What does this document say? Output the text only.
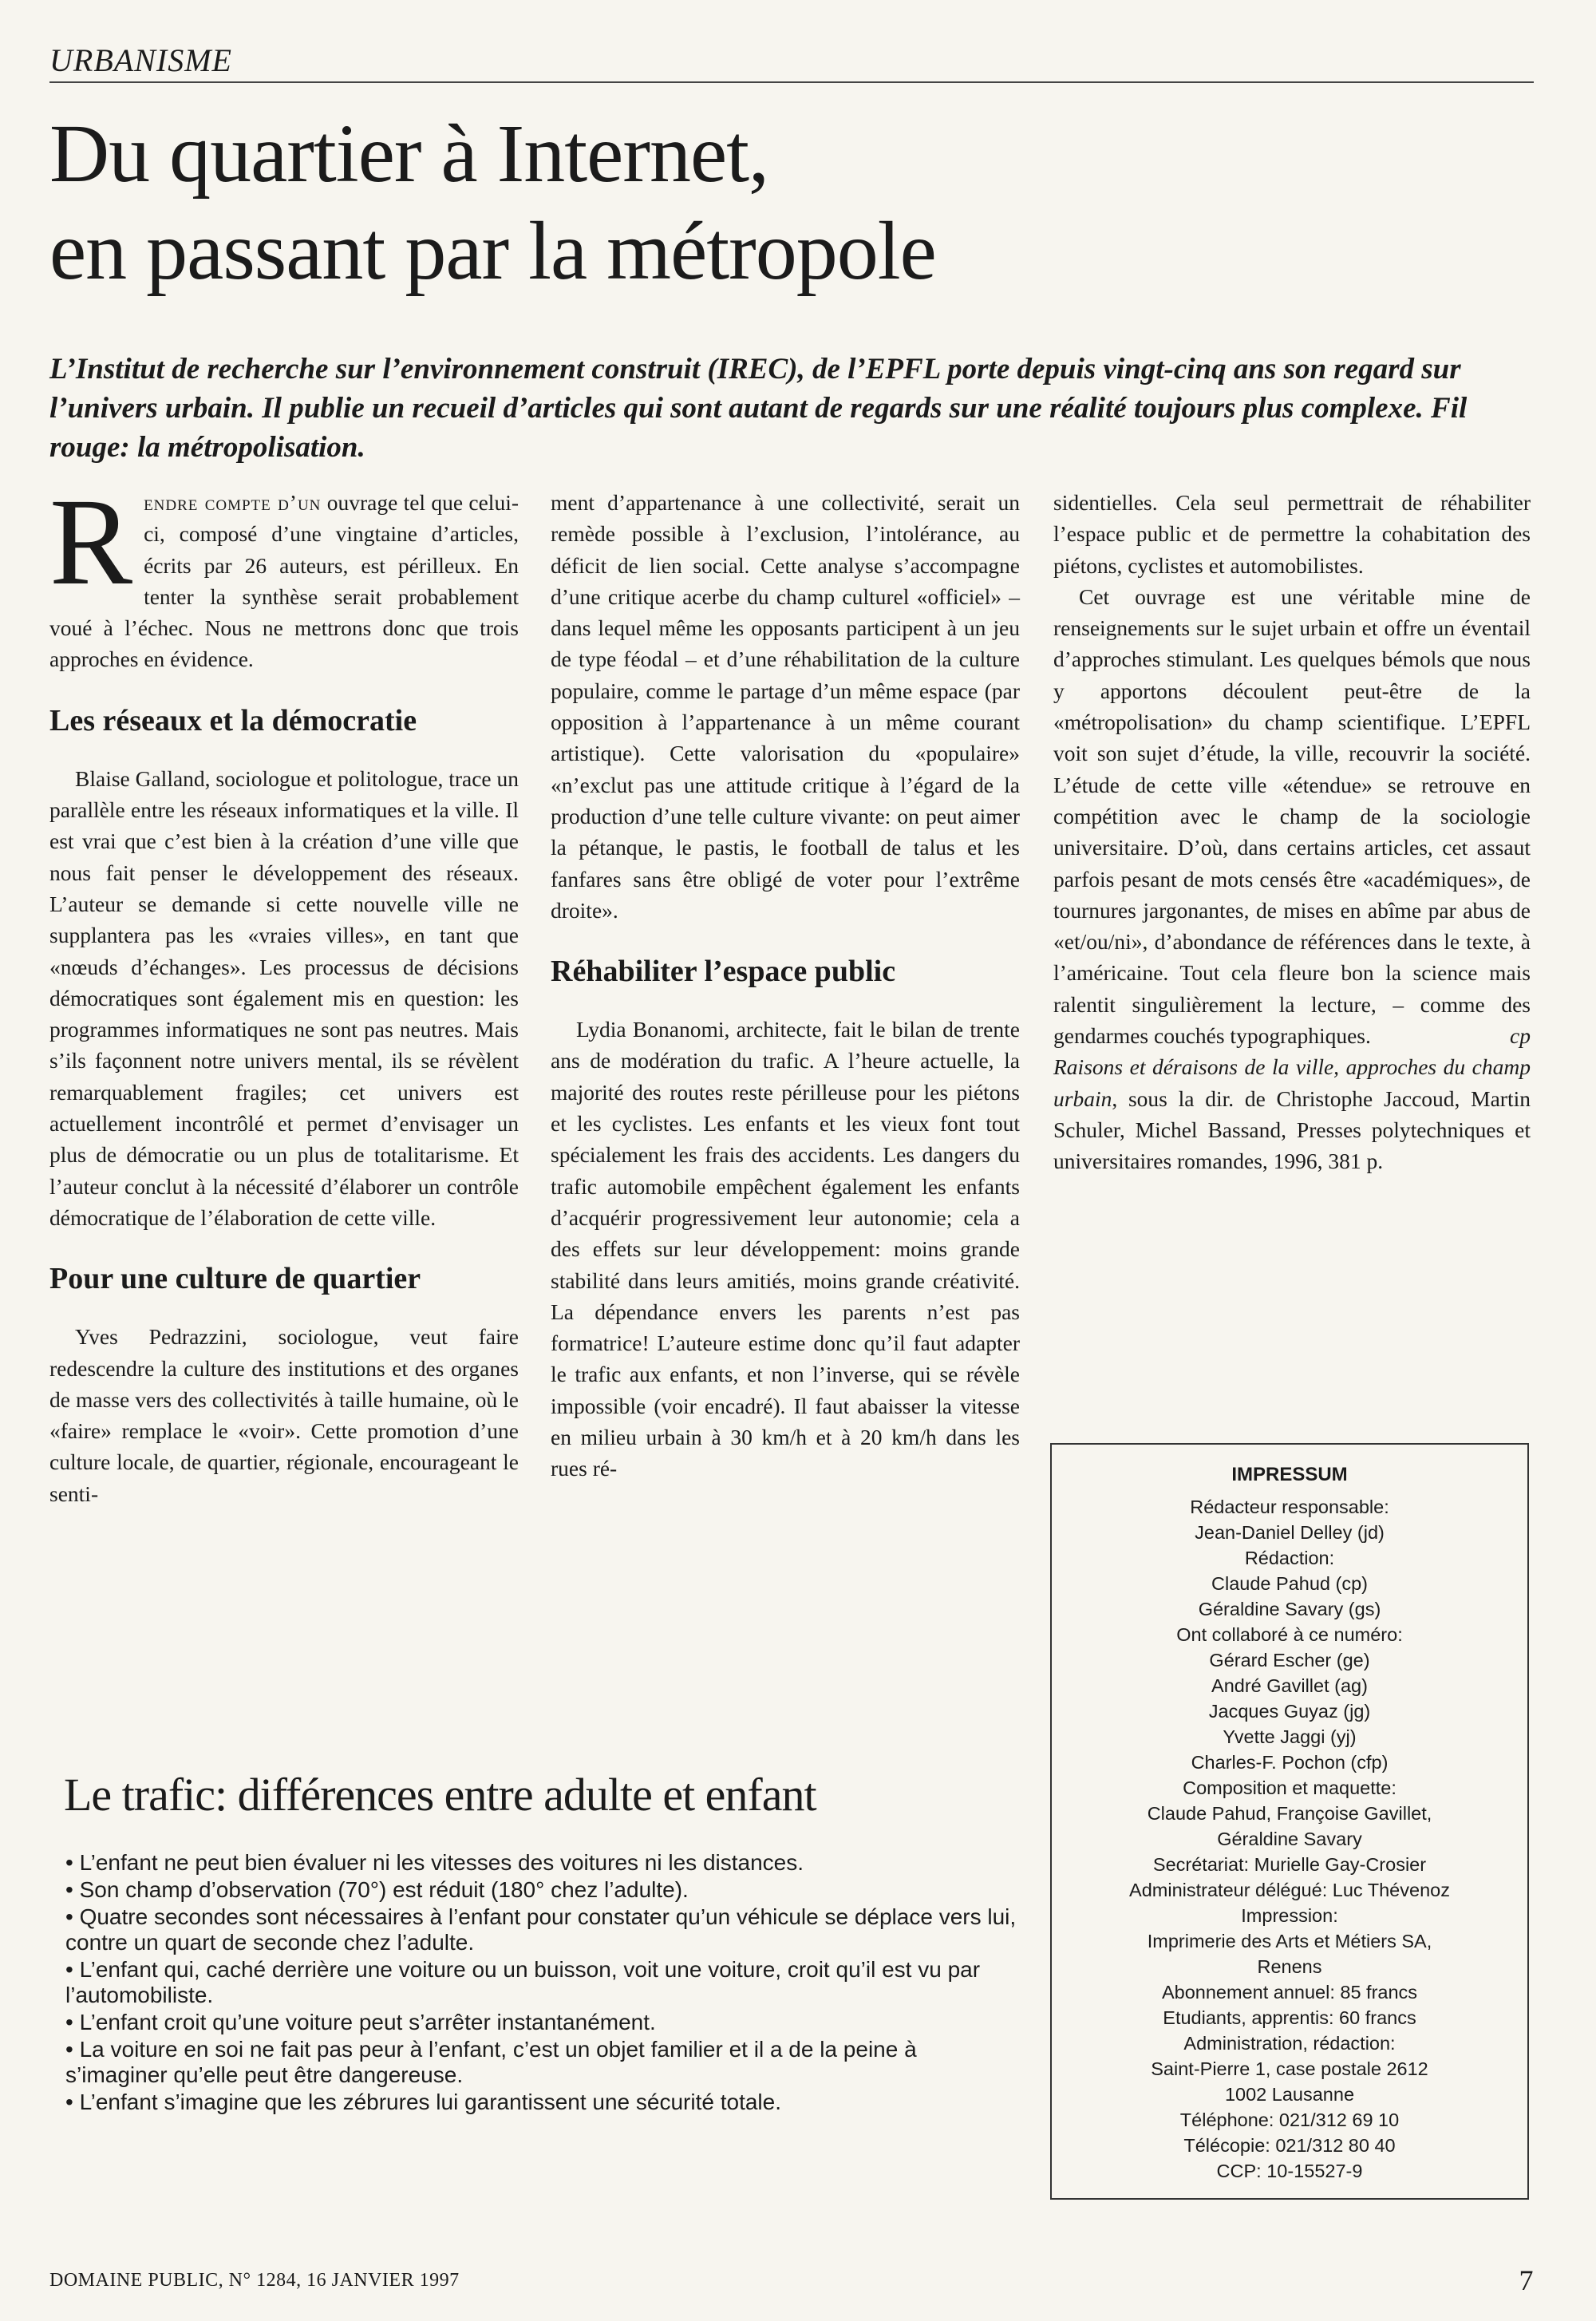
URBANISME
Du quartier à Internet,
en passant par la métropole

L’Institut de recherche sur l’environnement construit (IREC), de l’EPFL porte depuis vingt-cinq ans son regard sur l’univers urbain. Il publie un recueil d’articles qui sont autant de regards sur une réalité toujours plus complexe. Fil rouge: la métropolisation.

Rendre compte d’un ouvrage tel que celui-ci, composé d’une vingtaine d’articles, écrits par 26 auteurs, est périlleux. En tenter la synthèse serait probablement voué à l’échec. Nous ne mettrons donc que trois approches en évidence.

Les réseaux et la démocratie

Blaise Galland, sociologue et politologue, trace un parallèle entre les réseaux informatiques et la ville. Il est vrai que c’est bien à la création d’une ville que nous fait penser le développement des réseaux. L’auteur se demande si cette nouvelle ville ne supplantera pas les «vraies villes», en tant que «nœuds d’échanges». Les processus de décisions démocratiques sont également mis en question: les programmes informatiques ne sont pas neutres. Mais s’ils façonnent notre univers mental, ils se révèlent remarquablement fragiles; cet univers est actuellement incontrôlé et permet d’envisager un plus de démocratie ou un plus de totalitarisme. Et l’auteur conclut à la nécessité d’élaborer un contrôle démocratique de l’élaboration de cette ville.

Pour une culture de quartier

Yves Pedrazzini, sociologue, veut faire redescendre la culture des institutions et des organes de masse vers des collectivités à taille humaine, où le «faire» remplace le «voir». Cette promotion d’une culture locale, de quartier, régionale, encourageant le senti-

ment d’appartenance à une collectivité, serait un remède possible à l’exclusion, l’intolérance, au déficit de lien social. Cette analyse s’accompagne d’une critique acerbe du champ culturel «officiel» – dans lequel même les opposants participent à un jeu de type féodal – et d’une réhabilitation de la culture populaire, comme le partage d’un même espace (par opposition à l’appartenance à un même courant artistique). Cette valorisation du «populaire» «n’exclut pas une attitude critique à l’égard de la production d’une telle culture vivante: on peut aimer la pétanque, le pastis, le football de talus et les fanfares sans être obligé de voter pour l’extrême droite».

Réhabiliter l’espace public

Lydia Bonanomi, architecte, fait le bilan de trente ans de modération du trafic. A l’heure actuelle, la majorité des routes reste périlleuse pour les piétons et les cyclistes. Les enfants et les vieux font tout spécialement les frais des accidents. Les dangers du trafic automobile empêchent également les enfants d’acquérir progressivement leur autonomie; cela a des effets sur leur développement: moins grande stabilité dans leurs amitiés, moins grande créativité. La dépendance envers les parents n’est pas formatrice! L’auteure estime donc qu’il faut adapter le trafic aux enfants, et non l’inverse, qui se révèle impossible (voir encadré). Il faut abaisser la vitesse en milieu urbain à 30 km/h et à 20 km/h dans les rues ré-

sidentielles. Cela seul permettrait de réhabiliter l’espace public et de permettre la cohabitation des piétons, cyclistes et automobilistes.

Cet ouvrage est une véritable mine de renseignements sur le sujet urbain et offre un éventail d’approches stimulant. Les quelques bémols que nous y apportons découlent peut-être de la «métropolisation» du champ scientifique. L’EPFL voit son sujet d’étude, la ville, recouvrir la société. L’étude de cette ville «étendue» se retrouve en compétition avec le champ de la sociologie universitaire. D’où, dans certains articles, cet assaut parfois pesant de mots censés être «académiques», de tournures jargonantes, de mises en abîme par abus de «et/ou/ni», d’abondance de références dans le texte, à l’américaine. Tout cela fleure bon la science mais ralentit singulièrement la lecture, – comme des gendarmes couchés typographiques.	cp

Raisons et déraisons de la ville, approches du champ urbain, sous la dir. de Christophe Jaccoud, Martin Schuler, Michel Bassand, Presses polytechniques et universitaires romandes, 1996, 381 p.

Le trafic: différences entre adulte et enfant
• L’enfant ne peut bien évaluer ni les vitesses des voitures ni les distances.
• Son champ d’observation (70°) est réduit (180° chez l’adulte).
• Quatre secondes sont nécessaires à l’enfant pour constater qu’un véhicule se déplace vers lui, contre un quart de seconde chez l’adulte.
• L’enfant qui, caché derrière une voiture ou un buisson, voit une voiture, croit qu’il est vu par l’automobiliste.
• L’enfant croit qu’une voiture peut s’arrêter instantanément.
• La voiture en soi ne fait pas peur à l’enfant, c’est un objet familier et il a de la peine à s’imaginer qu’elle peut être dangereuse.
• L’enfant s’imagine que les zébrures lui garantissent une sécurité totale.
IMPRESSUM
Rédacteur responsable:
Jean-Daniel Delley (jd)
Rédaction:
Claude Pahud (cp)
Géraldine Savary (gs)
Ont collaboré à ce numéro:
Gérard Escher (ge)
André Gavillet (ag)
Jacques Guyaz (jg)
Yvette Jaggi (yj)
Charles-F. Pochon (cfp)
Composition et maquette:
Claude Pahud, Françoise Gavillet,
Géraldine Savary
Secrétariat: Murielle Gay-Crosier
Administrateur délégué: Luc Thévenoz
Impression:
Imprimerie des Arts et Métiers SA,
Renens
Abonnement annuel: 85 francs
Etudiants, apprentis: 60 francs
Administration, rédaction:
Saint-Pierre 1, case postale 2612
1002 Lausanne
Téléphone: 021/312 69 10
Télécopie: 021/312 80 40
CCP: 10-15527-9
DOMAINE PUBLIC, N° 1284, 16 JANVIER 1997	7
